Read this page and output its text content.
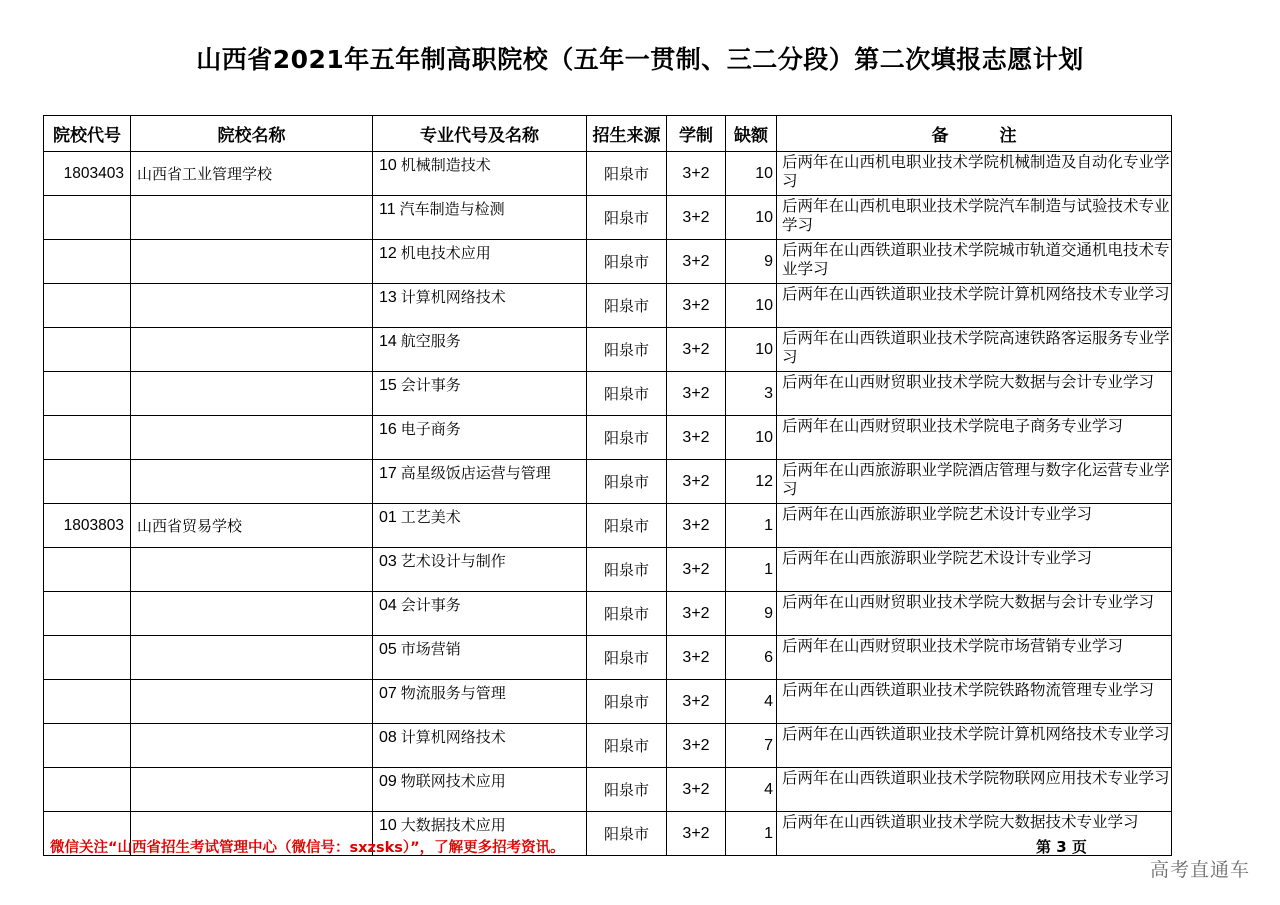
山西省2021年五年制高职院校（五年一贯制、三二分段）第二次填报志愿计划
院校代号	院校名称	专业代号及名称	招生来源	学制	缺额	备　　　注
1803403	山西省工业管理学校	10 机械制造技术	阳泉市	3+2	10	后两年在山西机电职业技术学院机械制造及自动化专业学习
		11 汽车制造与检测	阳泉市	3+2	10	后两年在山西机电职业技术学院汽车制造与试验技术专业学习
		12 机电技术应用	阳泉市	3+2	9	后两年在山西铁道职业技术学院城市轨道交通机电技术专业学习
		13 计算机网络技术	阳泉市	3+2	10	后两年在山西铁道职业技术学院计算机网络技术专业学习
		14 航空服务	阳泉市	3+2	10	后两年在山西铁道职业技术学院高速铁路客运服务专业学习
		15 会计事务	阳泉市	3+2	3	后两年在山西财贸职业技术学院大数据与会计专业学习
		16 电子商务	阳泉市	3+2	10	后两年在山西财贸职业技术学院电子商务专业学习
		17 高星级饭店运营与管理	阳泉市	3+2	12	后两年在山西旅游职业学院酒店管理与数字化运营专业学习
1803803	山西省贸易学校	01 工艺美术	阳泉市	3+2	1	后两年在山西旅游职业学院艺术设计专业学习
		03 艺术设计与制作	阳泉市	3+2	1	后两年在山西旅游职业学院艺术设计专业学习
		04 会计事务	阳泉市	3+2	9	后两年在山西财贸职业技术学院大数据与会计专业学习
		05 市场营销	阳泉市	3+2	6	后两年在山西财贸职业技术学院市场营销专业学习
		07 物流服务与管理	阳泉市	3+2	4	后两年在山西铁道职业技术学院铁路物流管理专业学习
		08 计算机网络技术	阳泉市	3+2	7	后两年在山西铁道职业技术学院计算机网络技术专业学习
		09 物联网技术应用	阳泉市	3+2	4	后两年在山西铁道职业技术学院物联网应用技术专业学习
		10 大数据技术应用	阳泉市	3+2	1	后两年在山西铁道职业技术学院大数据技术专业学习
微信关注“山西省招生考试管理中心（微信号：sxzsks）”，了解更多招考资讯。	第 3 页
高考直通车
